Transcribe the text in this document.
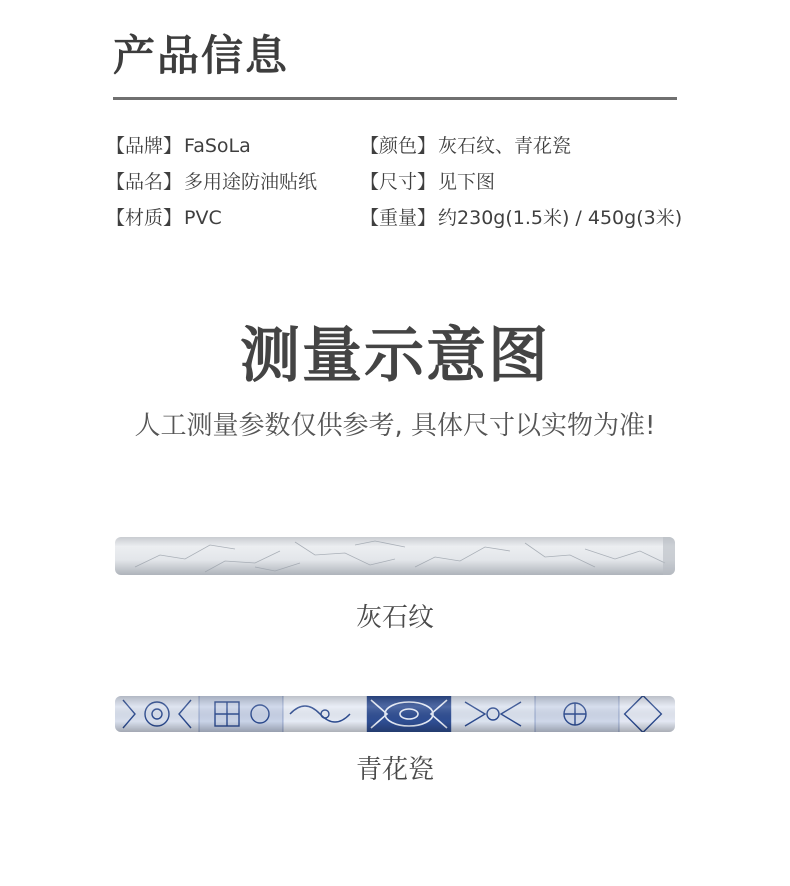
产品信息
【品牌】 FaSoLa
【品名】 多用途防油贴纸
【材质】 PVC
【颜色】 灰石纹、青花瓷
【尺寸】 见下图
【重量】 约230g(1.5米) / 450g(3米)
测量示意图
人工测量参数仅供参考, 具体尺寸以实物为准!
灰石纹
青花瓷
